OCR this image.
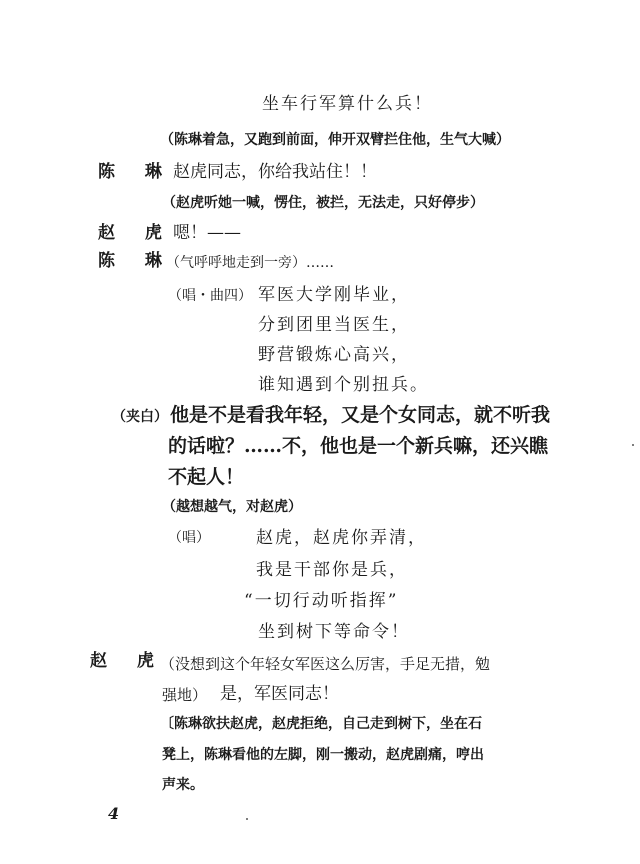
坐车行军算什么兵！
（陈琳着急，又跑到前面，伸开双臂拦住他，生气大喊）
陈 琳 赵虎同志，你给我站住！！
（赵虎听她一喊，愣住，被拦，无法走，只好停步）
赵 虎 嗯！——
陈 琳
（气呼呼地走到一旁）……
（唱・曲四） 军医大学刚毕业，
分到团里当医生，
野营锻炼心高兴，
谁知遇到个别扭兵。
（夹白） 他是不是看我年轻，又是个女同志，就不听我
的话啦？……不，他也是一个新兵嘛，还兴瞧
不起人！
（越想越气，对赵虎）
（唱）	赵虎，赵虎你弄清，
我是干部你是兵，
“一切行动听指挥”
坐到树下等命令！
赵 虎
（没想到这个年轻女军医这么厉害，手足无措，勉
强地） 是，军医同志！
〔陈琳欲扶赵虎，赵虎拒绝，自己走到树下，坐在石
凳上，陈琳看他的左脚，刚一搬动，赵虎剧痛，哼出
声来。
4
